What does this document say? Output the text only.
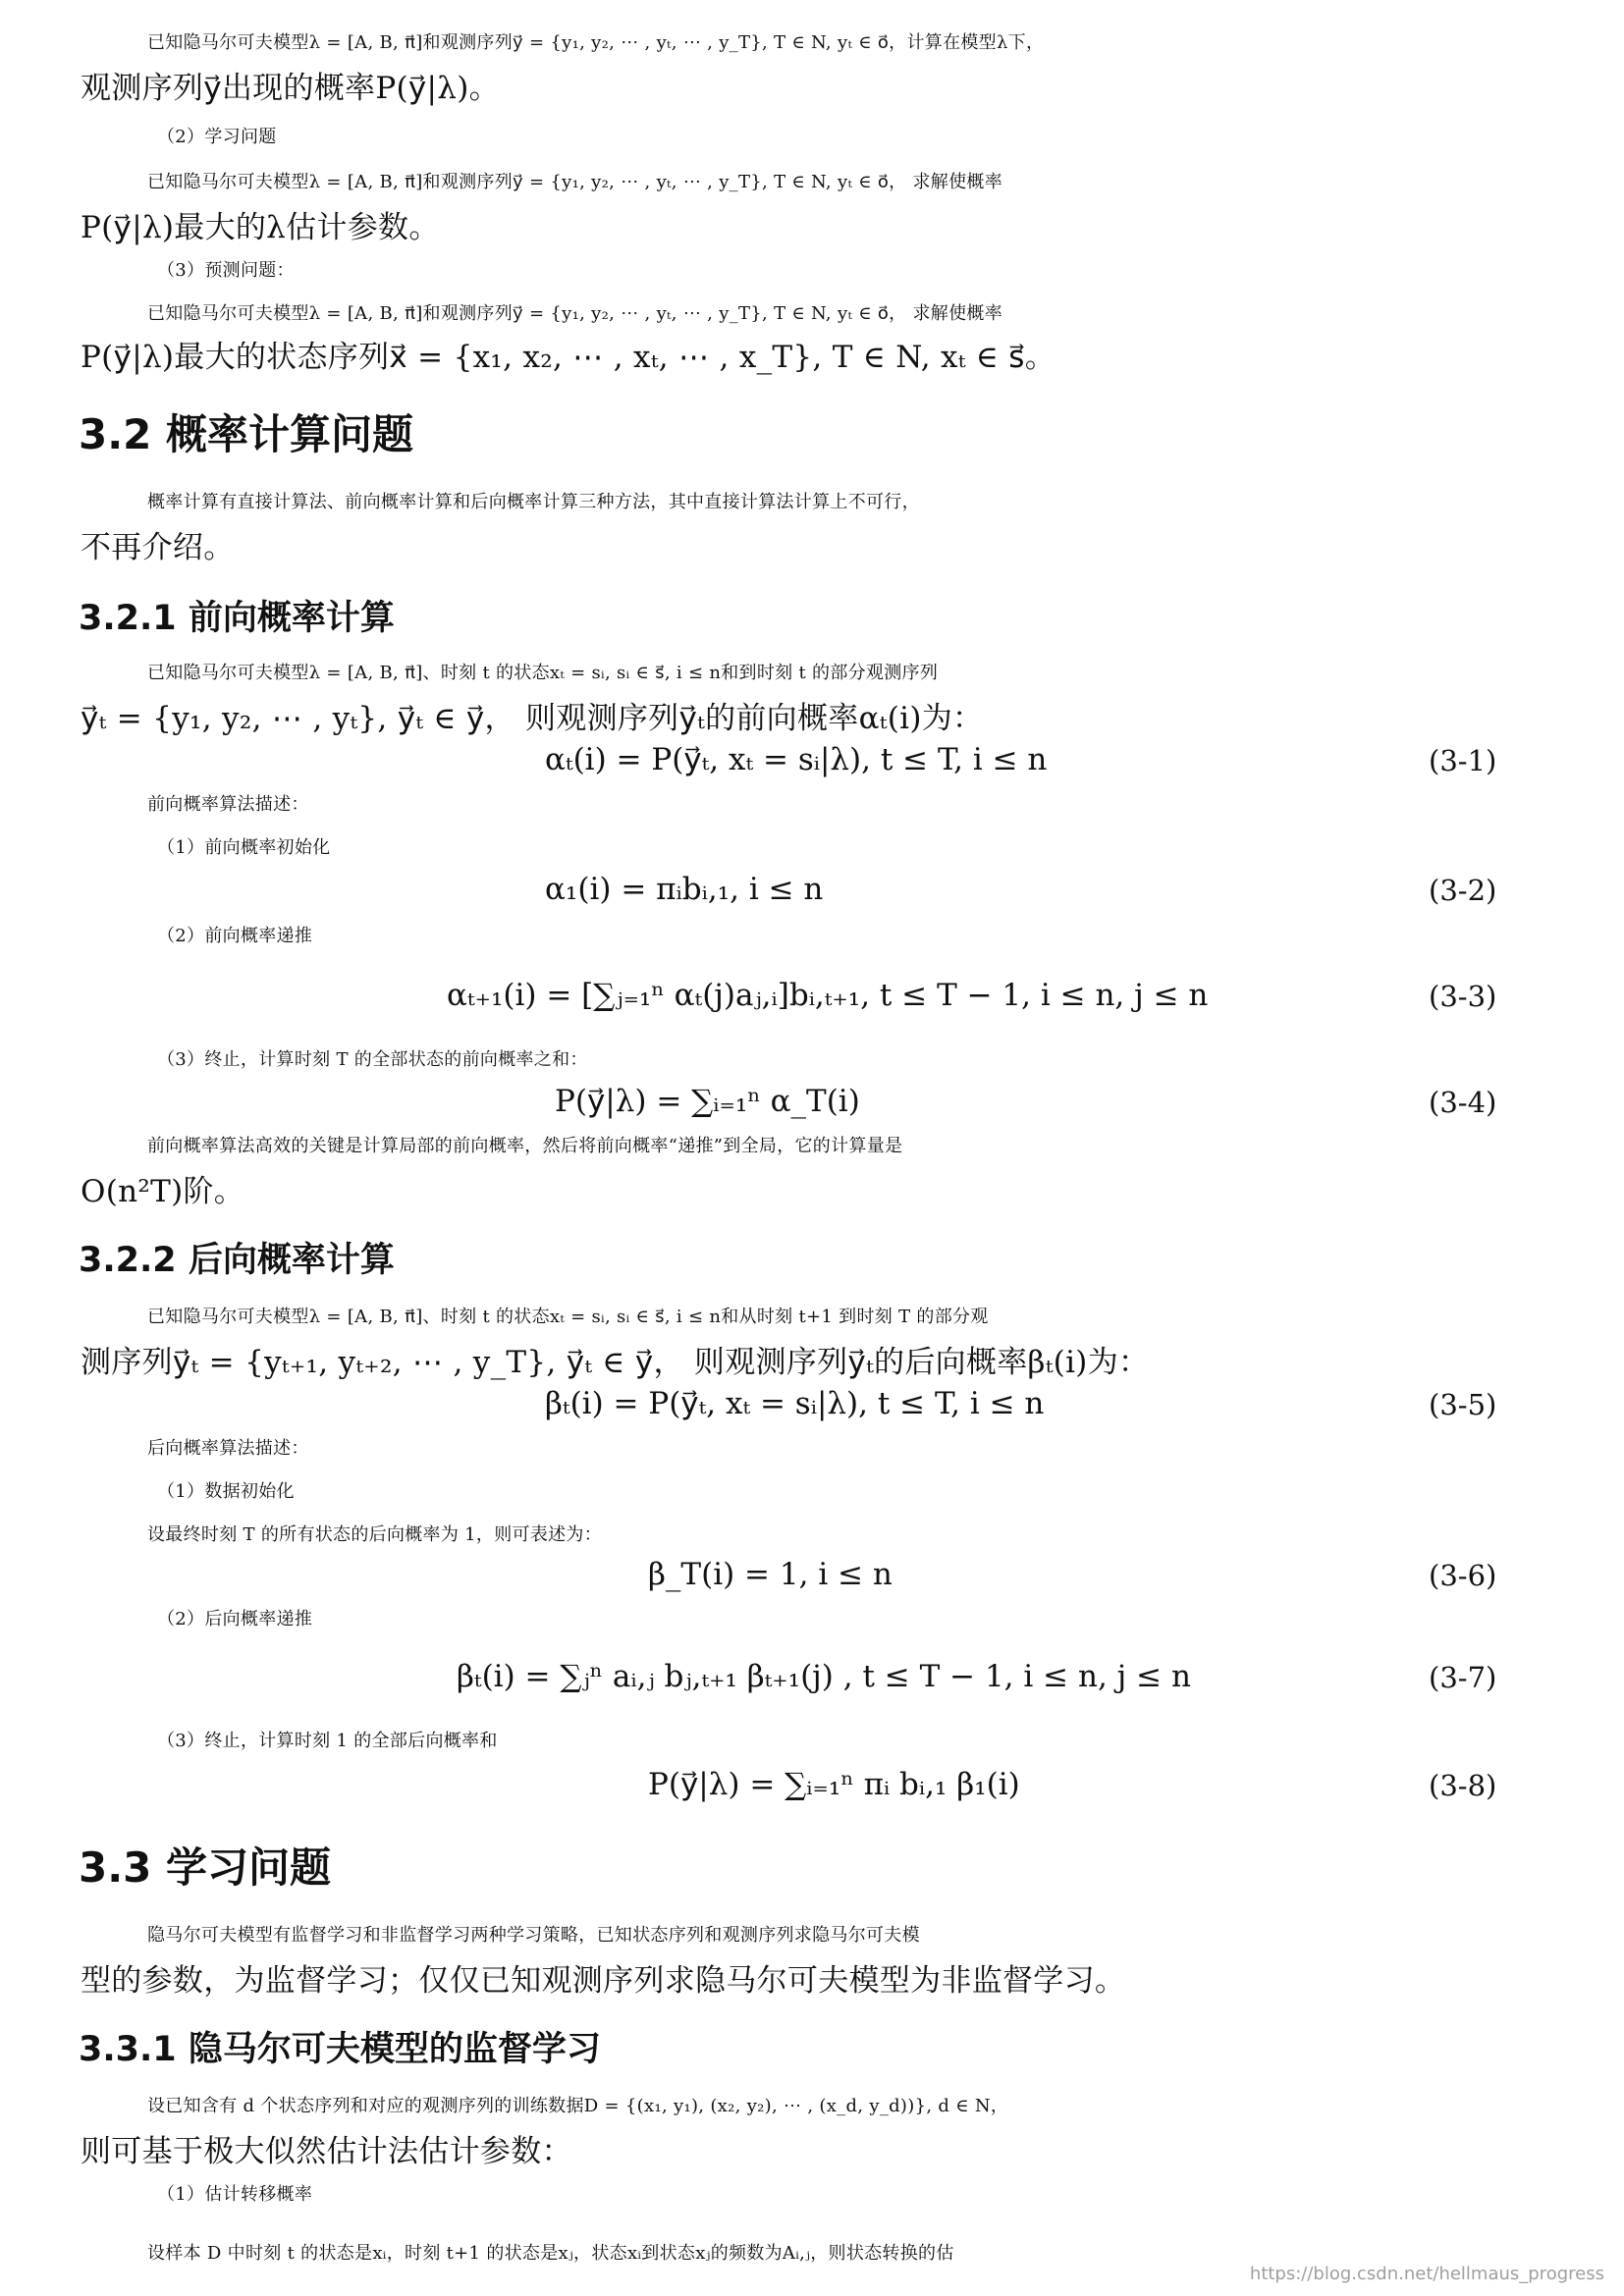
已知隐马尔可夫模型λ = [A, B, π⃗]和观测序列y⃗ = {y₁, y₂, ⋯ , yₜ, ⋯ , y_T}, T ∈ N, yₜ ∈ o⃗，计算在模型λ下，
观测序列y⃗出现的概率P(y⃗|λ)。
（2）学习问题
已知隐马尔可夫模型λ = [A, B, π⃗]和观测序列y⃗ = {y₁, y₂, ⋯ , yₜ, ⋯ , y_T}, T ∈ N, yₜ ∈ o⃗， 求解使概率
P(y⃗|λ)最大的λ估计参数。
（3）预测问题：
已知隐马尔可夫模型λ = [A, B, π⃗]和观测序列y⃗ = {y₁, y₂, ⋯ , yₜ, ⋯ , y_T}, T ∈ N, yₜ ∈ o⃗， 求解使概率
P(y⃗|λ)最大的状态序列x⃗ = {x₁, x₂, ⋯ , xₜ, ⋯ , x_T}, T ∈ N, xₜ ∈ s⃗。
3.2 概率计算问题
概率计算有直接计算法、前向概率计算和后向概率计算三种方法，其中直接计算法计算上不可行，
不再介绍。
3.2.1 前向概率计算
已知隐马尔可夫模型λ = [A, B, π⃗]、时刻 t 的状态xₜ = sᵢ, sᵢ ∈ s⃗, i ≤ n和到时刻 t 的部分观测序列
y⃗ₜ = {y₁, y₂, ⋯ , yₜ}, y⃗ₜ ∈ y⃗， 则观测序列y⃗ₜ的前向概率αₜ(i)为：
αₜ(i) = P(y⃗ₜ, xₜ = sᵢ|λ), t ≤ T, i ≤ n	(3-1)
前向概率算法描述：
（1）前向概率初始化
α₁(i) = πᵢbᵢ,₁, i ≤ n	(3-2)
（2）前向概率递推
αₜ₊₁(i) = [∑ⱼ₌₁ⁿ αₜ(j)aⱼ,ᵢ]bᵢ,ₜ₊₁, t ≤ T − 1, i ≤ n, j ≤ n	(3-3)
（3）终止，计算时刻 T 的全部状态的前向概率之和：
P(y⃗|λ) = ∑ᵢ₌₁ⁿ α_T(i)	(3-4)
前向概率算法高效的关键是计算局部的前向概率，然后将前向概率“递推”到全局，它的计算量是
O(n²T)阶。
3.2.2 后向概率计算
已知隐马尔可夫模型λ = [A, B, π⃗]、时刻 t 的状态xₜ = sᵢ, sᵢ ∈ s⃗, i ≤ n和从时刻 t+1 到时刻 T 的部分观
测序列y⃗ₜ = {yₜ₊₁, yₜ₊₂, ⋯ , y_T}, y⃗ₜ ∈ y⃗， 则观测序列y⃗ₜ的后向概率βₜ(i)为：
βₜ(i) = P(y⃗ₜ, xₜ = sᵢ|λ), t ≤ T, i ≤ n	(3-5)
后向概率算法描述：
（1）数据初始化
设最终时刻 T 的所有状态的后向概率为 1，则可表述为：
β_T(i) = 1, i ≤ n	(3-6)
（2）后向概率递推
βₜ(i) = ∑ⱼⁿ aᵢ,ⱼ bⱼ,ₜ₊₁ βₜ₊₁(j) , t ≤ T − 1, i ≤ n, j ≤ n	(3-7)
（3）终止，计算时刻 1 的全部后向概率和
P(y⃗|λ) = ∑ᵢ₌₁ⁿ πᵢ bᵢ,₁ β₁(i)	(3-8)
3.3 学习问题
隐马尔可夫模型有监督学习和非监督学习两种学习策略，已知状态序列和观测序列求隐马尔可夫模
型的参数，为监督学习；仅仅已知观测序列求隐马尔可夫模型为非监督学习。
3.3.1 隐马尔可夫模型的监督学习
设已知含有 d 个状态序列和对应的观测序列的训练数据D = {(x₁, y₁), (x₂, y₂), ⋯ , (x_d, y_d))}, d ∈ N，
则可基于极大似然估计法估计参数：
（1）估计转移概率
设样本 D 中时刻 t 的状态是xᵢ，时刻 t+1 的状态是xⱼ，状态xᵢ到状态xⱼ的频数为Aᵢ,ⱼ，则状态转换的估
https://blog.csdn.net/hellmaus_progress
